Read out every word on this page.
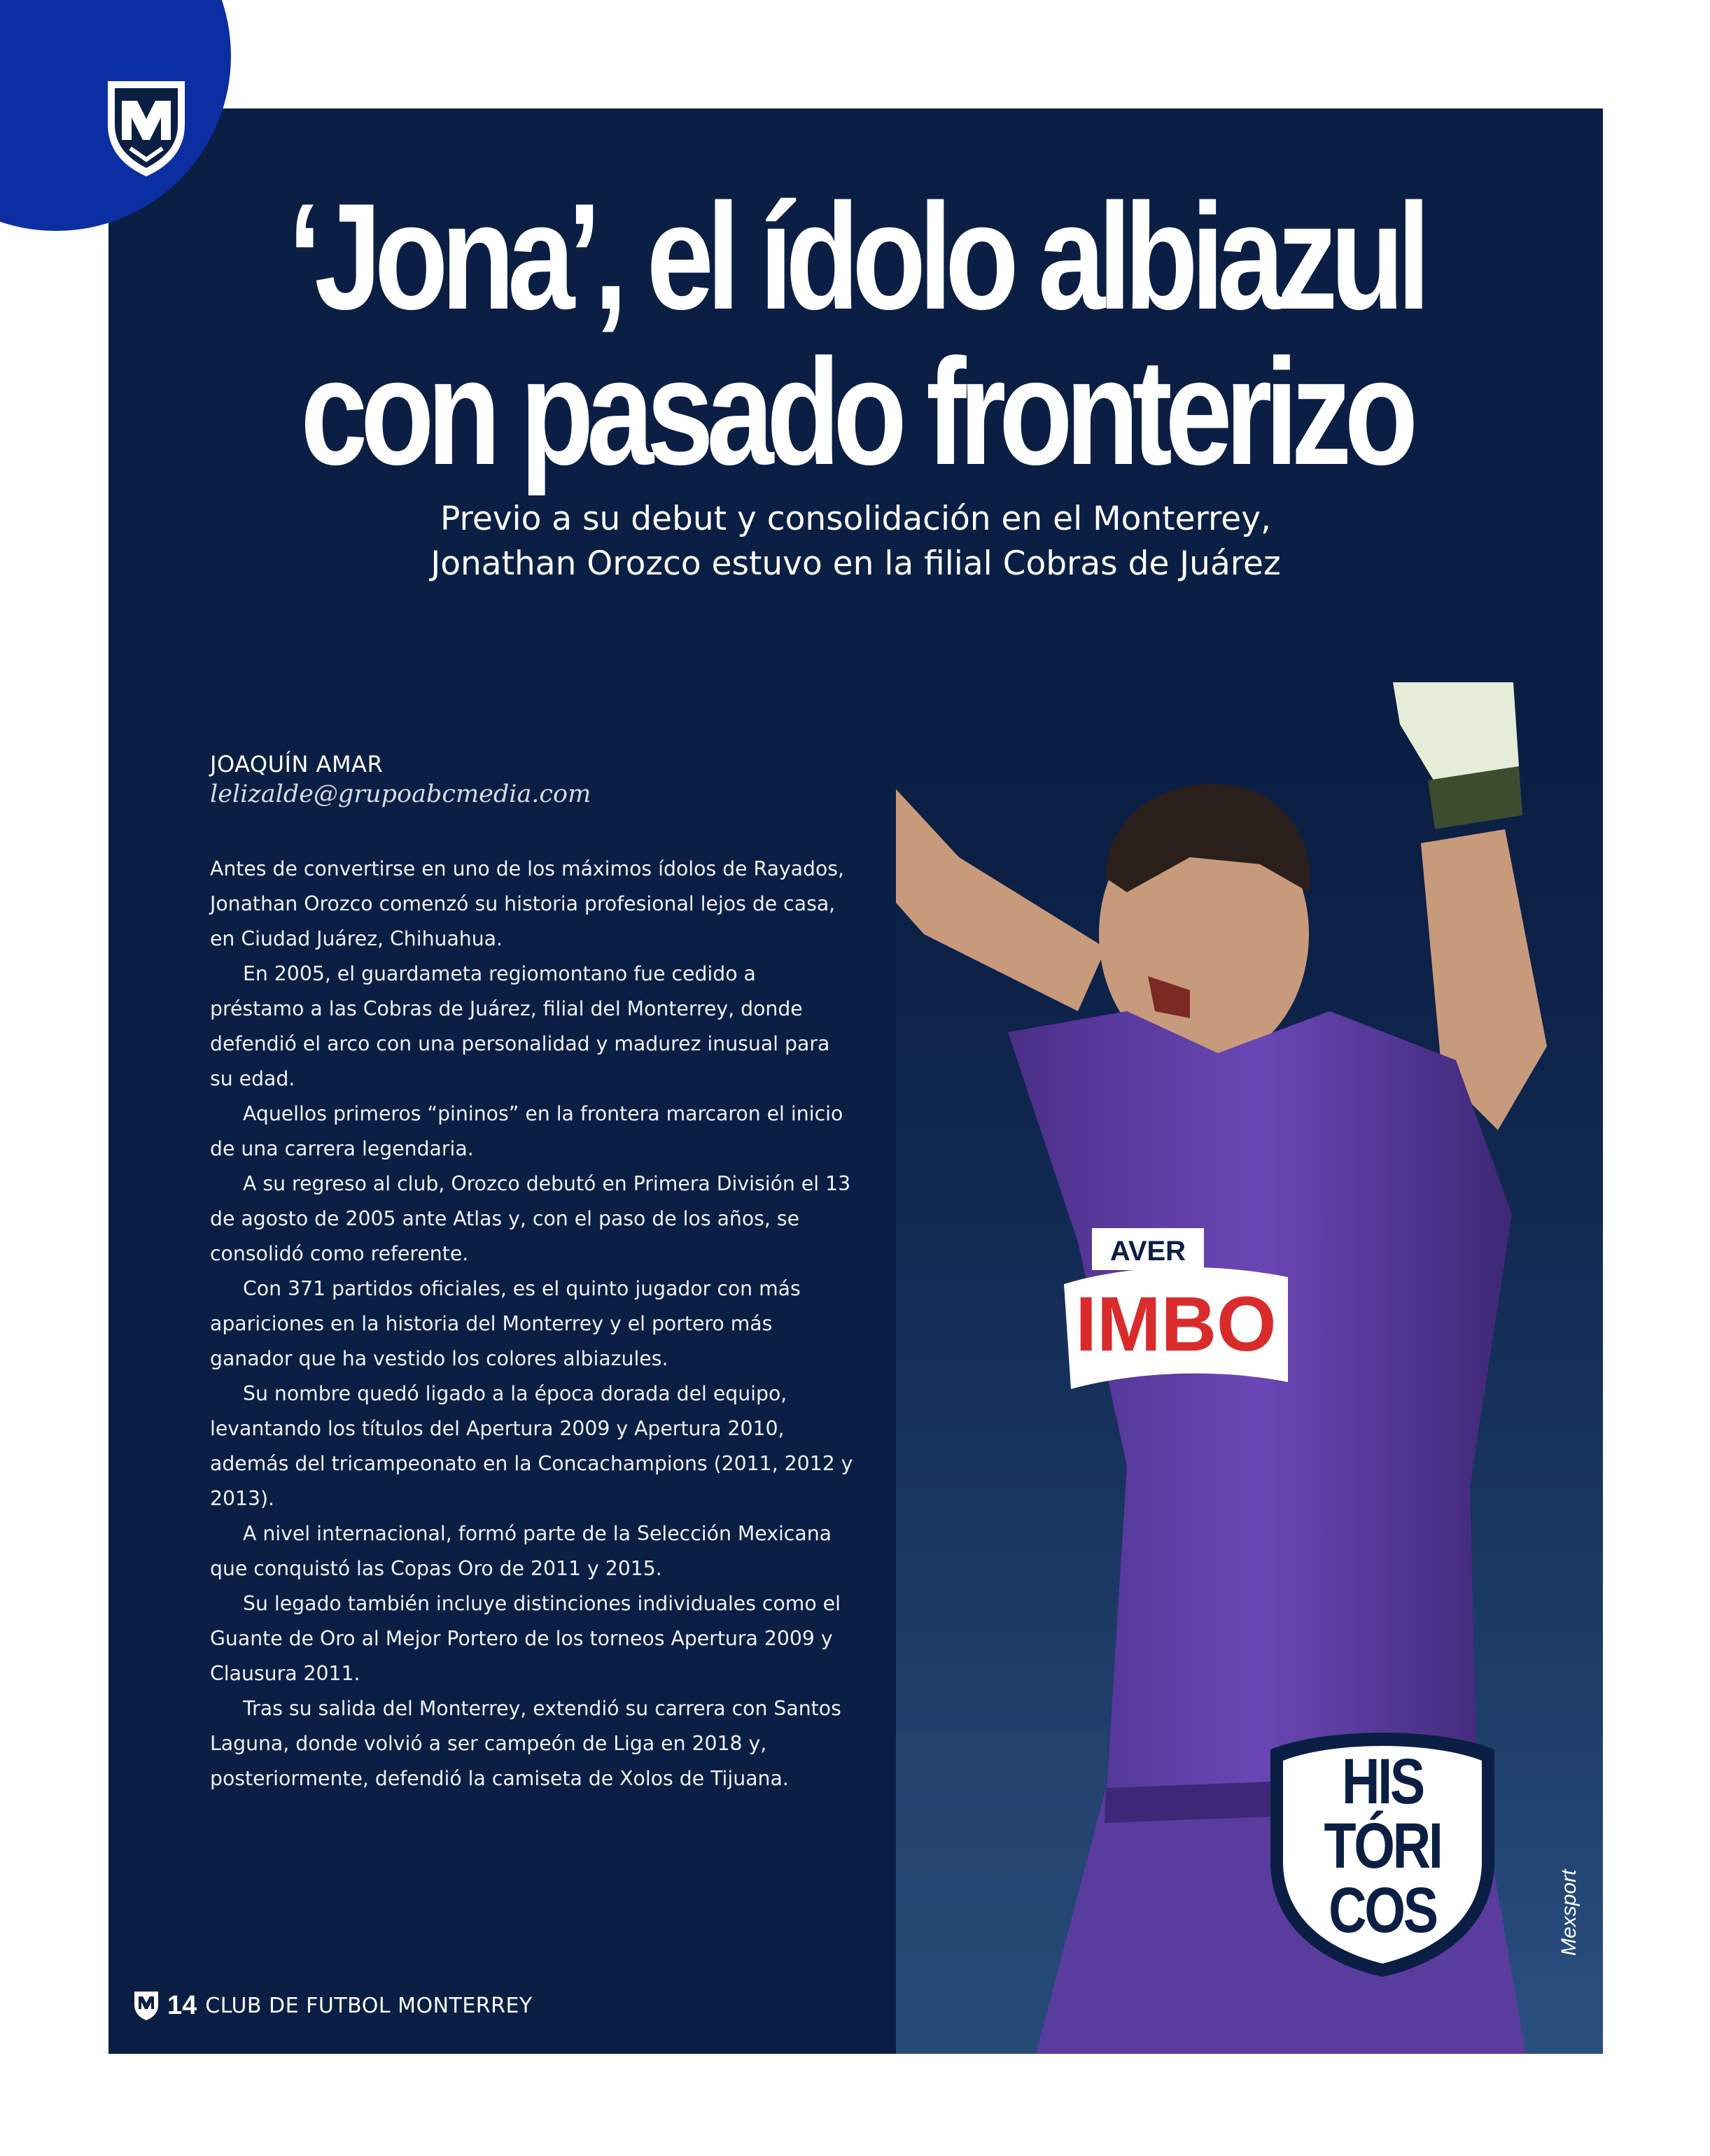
IMBO
AVER
‘Jona’, el ídolo albiazul
con pasado fronterizo
Previo a su debut y consolidación en el Monterrey,
Jonathan Orozco estuvo en la filial Cobras de Juárez
JOAQUÍN AMAR
lelizalde@grupoabcmedia.com

Antes de convertirse en uno de los máximos ídolos de Rayados, Jonathan Orozco comenzó su historia profesional lejos de casa, en Ciudad Juárez, Chihuahua.

En 2005, el guardameta regiomontano fue cedido a préstamo a las Cobras de Juárez, filial del Monterrey, donde defendió el arco con una personalidad y madurez inusual para su edad.

Aquellos primeros “pininos” en la frontera marcaron el inicio de una carrera legendaria.

A su regreso al club, Orozco debutó en Primera División el 13 de agosto de 2005 ante Atlas y, con el paso de los años, se consolidó como referente.

Con 371 partidos oficiales, es el quinto jugador con más apariciones en la historia del Monterrey y el portero más ganador que ha vestido los colores albiazules.

Su nombre quedó ligado a la época dorada del equipo, levantando los títulos del Apertura 2009 y Apertura 2010, además del tricampeonato en la Concachampions (2011, 2012 y 2013).

A nivel internacional, formó parte de la Selección Mexicana que conquistó las Copas Oro de 2011 y 2015.

Su legado también incluye distinciones individuales como el Guante de Oro al Mejor Portero de los torneos Apertura 2009 y Clausura 2011.

Tras su salida del Monterrey, extendió su carrera con Santos Laguna, donde volvió a ser campeón de Liga en 2018 y, posteriormente, defendió la camiseta de Xolos de Tijuana.	HIS
TÓRI
COS	Mexsport
14 CLUB DE FUTBOL MONTERREY
